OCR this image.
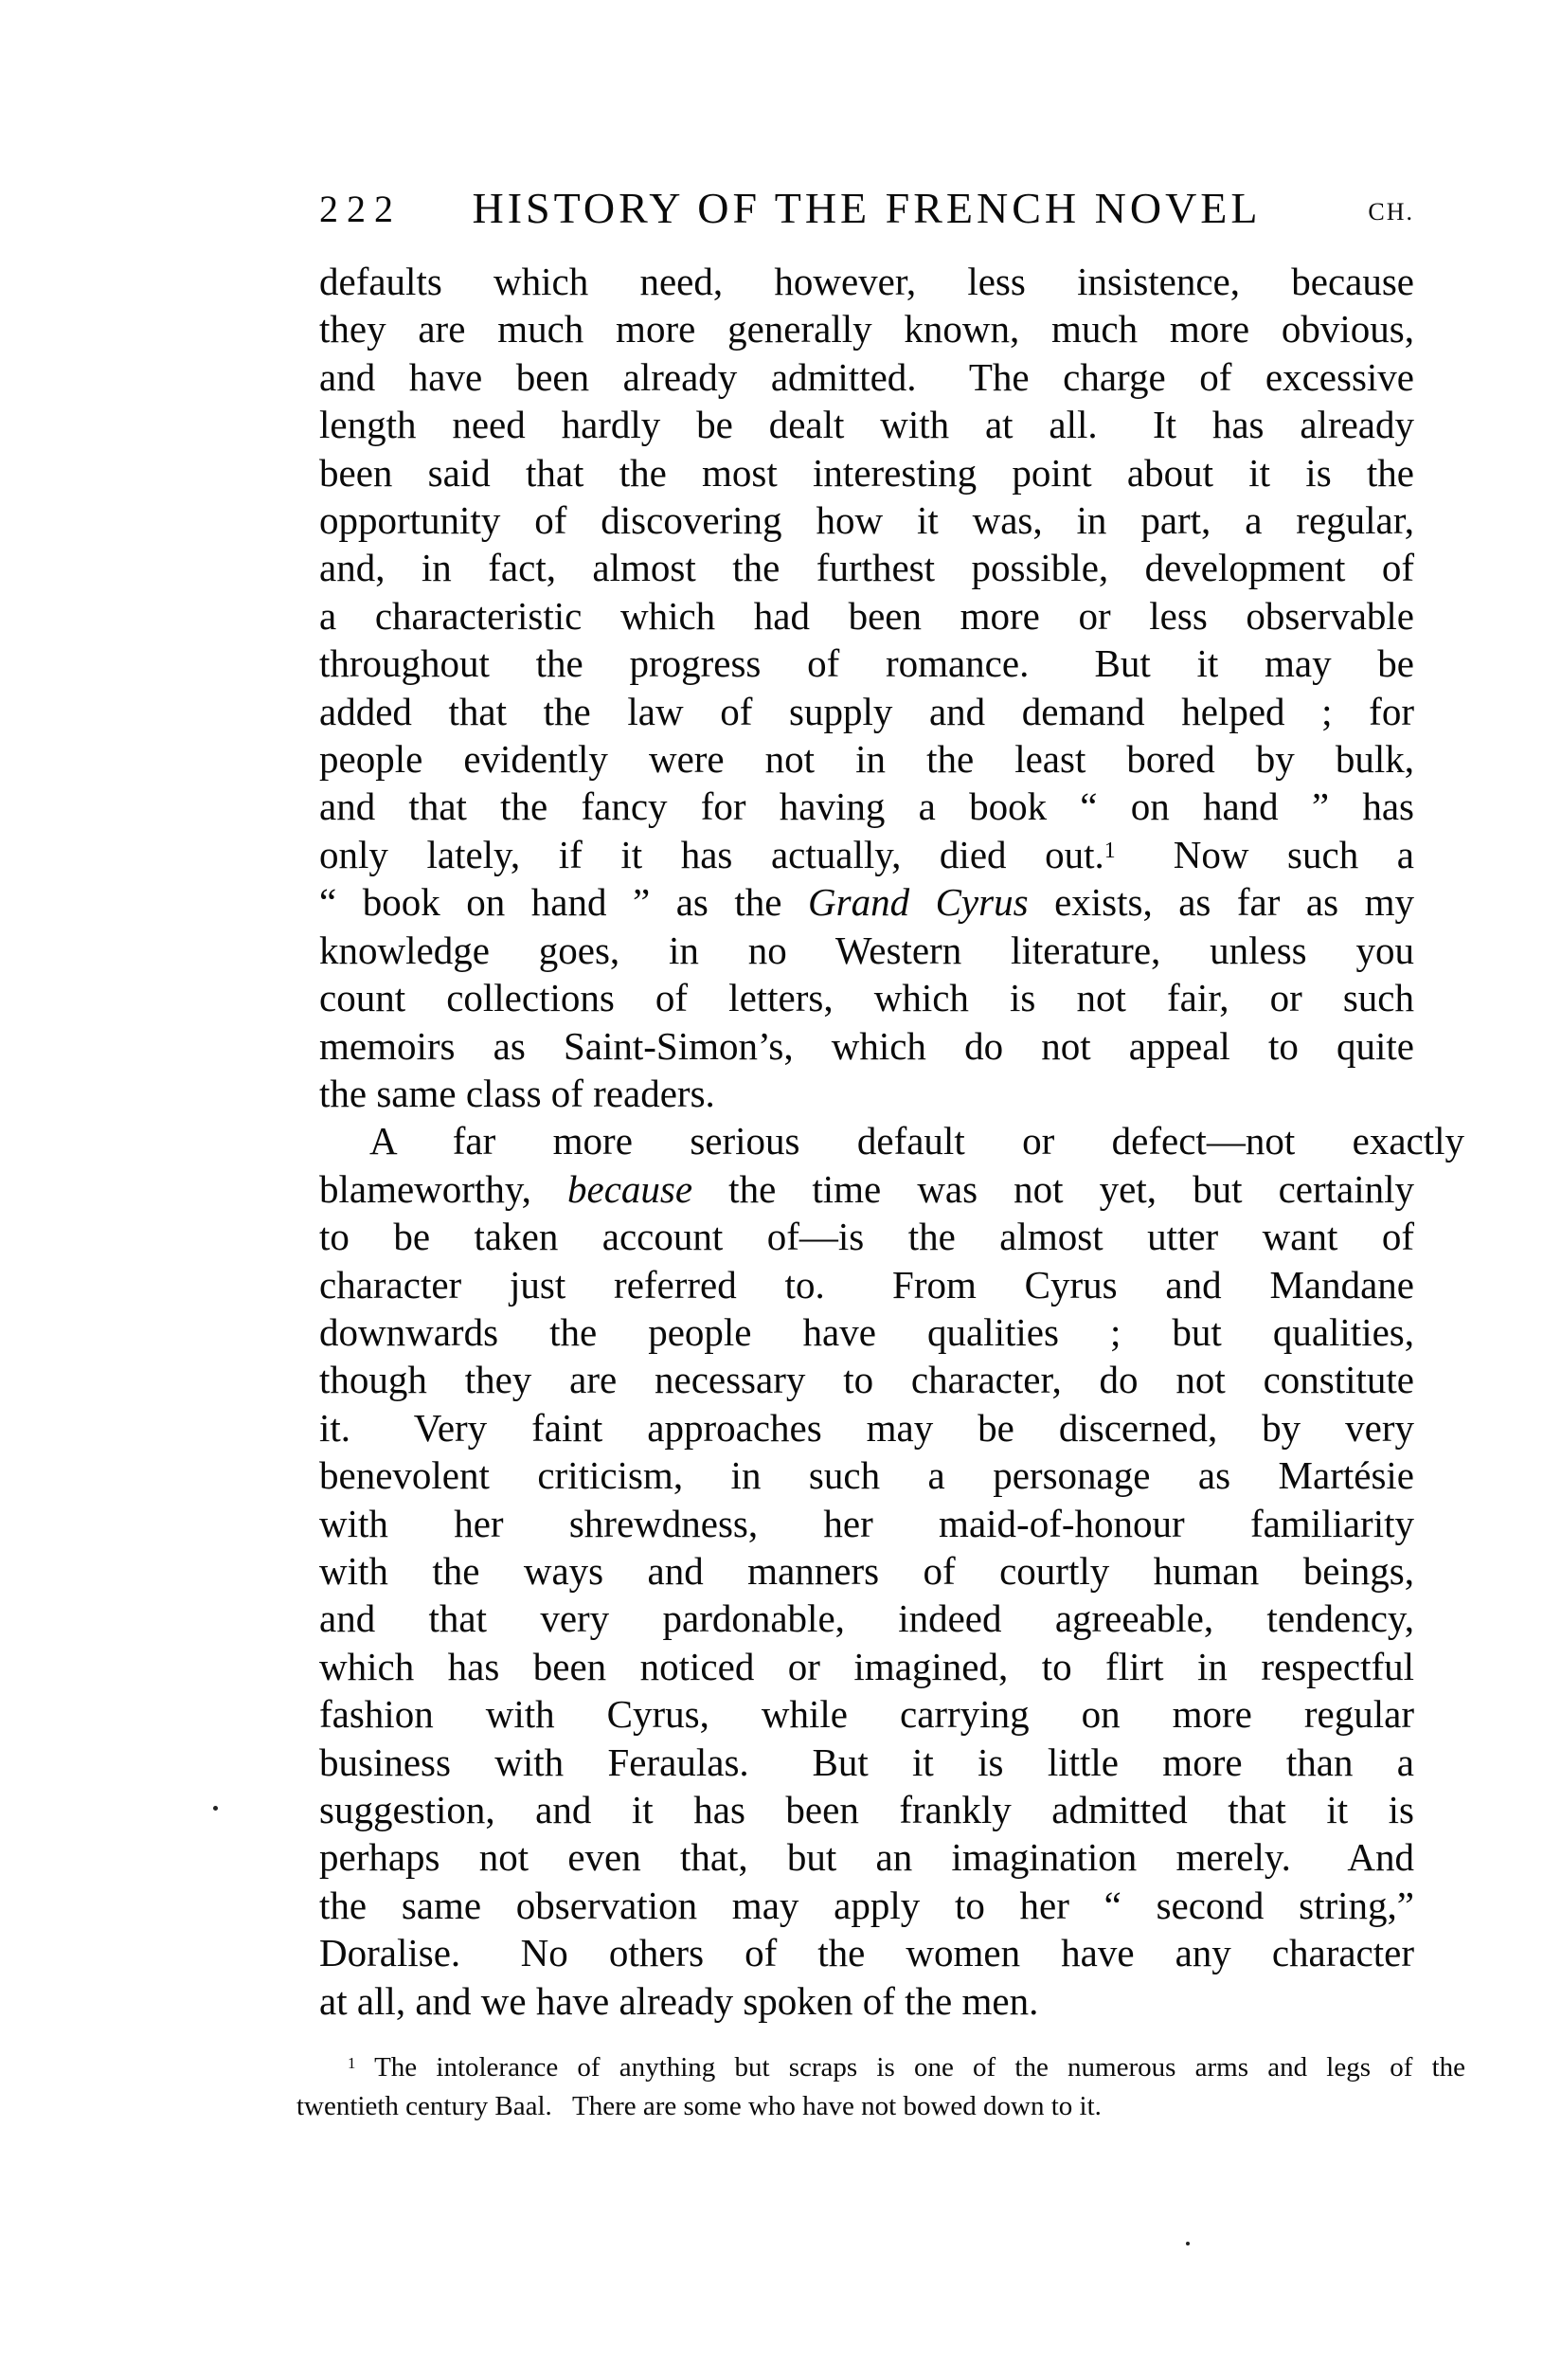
222	HISTORY OF THE FRENCH NOVEL	CH.
defaults which need, however, less insistence, because
they are much more generally known, much more obvious,
and have been already admitted.  The charge of excessive
length need hardly be dealt with at all.  It has already
been said that the most interesting point about it is the
opportunity of discovering how it was, in part, a regular,
and, in fact, almost the furthest possible, development of
a characteristic which had been more or less observable
throughout the progress of romance.  But it may be
added that the law of supply and demand helped ; for
people evidently were not in the least bored by bulk,
and that the fancy for having a book “ on hand ” has
only lately, if it has actually, died out.$^1$  Now such a
“ book on hand ” as the Grand Cyrus exists, as far as my
knowledge goes, in no Western literature, unless you
count collections of letters, which is not fair, or such
memoirs as Saint-Simon’s, which do not appeal to quite
the same class of readers.
A far more serious default or defect—not exactly
blameworthy, because the time was not yet, but certainly
to be taken account of—is the almost utter want of
character just referred to.  From Cyrus and Mandane
downwards the people have qualities ; but qualities,
though they are necessary to character, do not constitute
it.  Very faint approaches may be discerned, by very
benevolent criticism, in such a personage as Martésie
with her shrewdness, her maid-of-honour familiarity
with the ways and manners of courtly human beings,
and that very pardonable, indeed agreeable, tendency,
which has been noticed or imagined, to flirt in respectful
fashion with Cyrus, while carrying on more regular
business with Feraulas.  But it is little more than a
suggestion, and it has been frankly admitted that it is
perhaps not even that, but an imagination merely.  And
the same observation may apply to her “ second string,”
Doralise.  No others of the women have any character
at all, and we have already spoken of the men.
$^1$ The intolerance of anything but scraps is one of the numerous arms and legs of the
twentieth century Baal.  There are some who have not bowed down to it.
